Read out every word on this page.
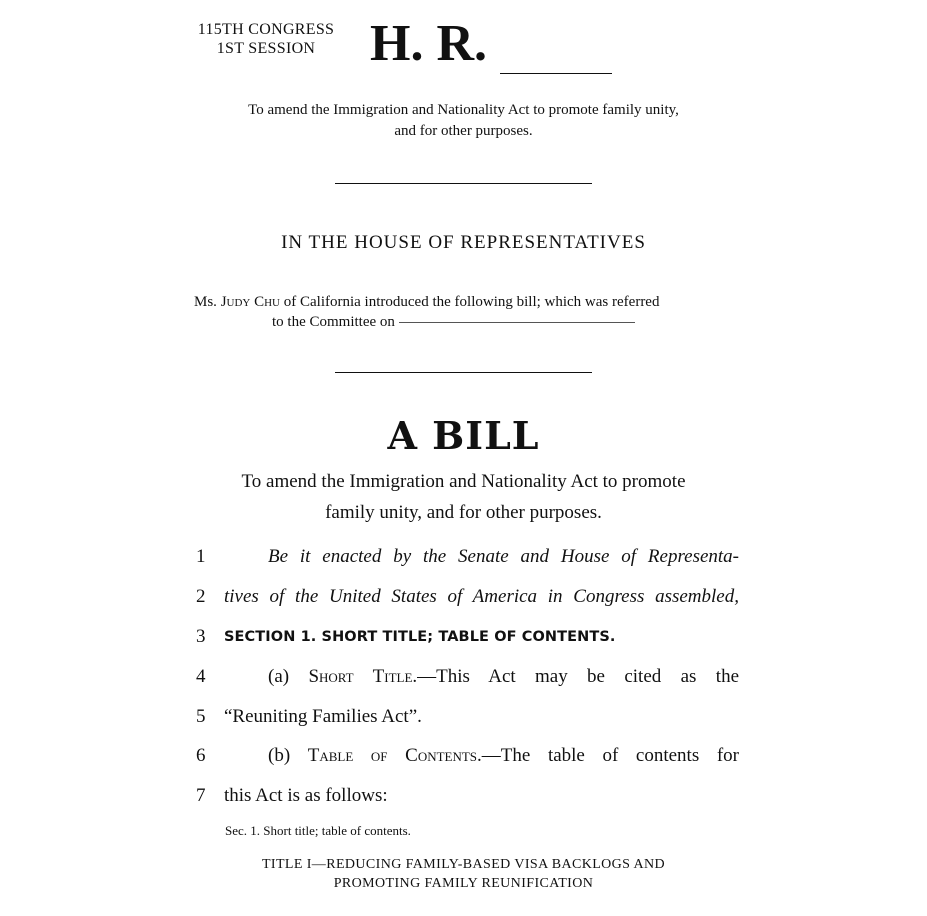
115TH CONGRESS
1ST SESSION	H. R.
To amend the Immigration and Nationality Act to promote family unity,
and for other purposes.
IN THE HOUSE OF REPRESENTATIVES
Ms. Judy Chu of California introduced the following bill; which was referred
to the Committee on
A BILL
To amend the Immigration and Nationality Act to promote
family unity, and for other purposes.
1	Be it enacted by the Senate and House of Representa-
2 tives of the United States of America in Congress assembled,
3	SECTION 1. SHORT TITLE; TABLE OF CONTENTS.
4	(a) Short Title.—This Act may be cited as the
5 “Reuniting Families Act”.
6	(b) Table of Contents.—The table of contents for
7 this Act is as follows:
Sec. 1. Short title; table of contents.
TITLE I—REDUCING FAMILY-BASED VISA BACKLOGS AND
PROMOTING FAMILY REUNIFICATION
